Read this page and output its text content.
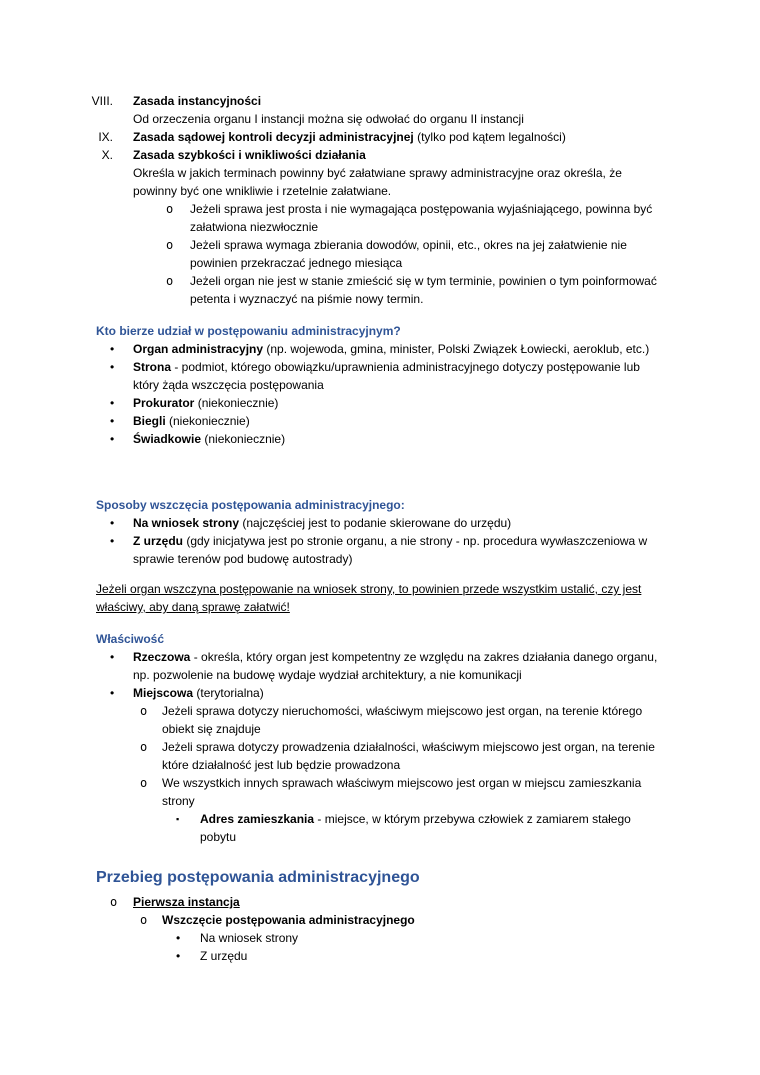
VIII. Zasada instancyjności
Od orzeczenia organu I instancji można się odwołać do organu II instancji
IX. Zasada sądowej kontroli decyzji administracyjnej (tylko pod kątem legalności)
X. Zasada szybkości i wnikliwości działania
Określa w jakich terminach powinny być załatwiane sprawy administracyjne oraz określa, że powinny być one wnikliwie i rzetelnie załatwiane.
o	Jeżeli sprawa jest prosta i nie wymagająca postępowania wyjaśniającego, powinna być załatwiona niezwłocznie
o	Jeżeli sprawa wymaga zbierania dowodów, opinii, etc., okres na jej załatwienie nie powinien przekraczać jednego miesiąca
o	Jeżeli organ nie jest w stanie zmieścić się w tym terminie, powinien o tym poinformować petenta i wyznaczyć na piśmie nowy termin.
Kto bierze udział w postępowaniu administracyjnym?
•	Organ administracyjny (np. wojewoda, gmina, minister, Polski Związek Łowiecki, aeroklub, etc.)
•	Strona - podmiot, którego obowiązku/uprawnienia administracyjnego dotyczy postępowanie lub który żąda wszczęcia postępowania
•	Prokurator (niekoniecznie)
•	Biegli (niekoniecznie)
•	Świadkowie (niekoniecznie)
Sposoby wszczęcia postępowania administracyjnego:
•	Na wniosek strony (najczęściej jest to podanie skierowane do urzędu)
•	Z urzędu (gdy inicjatywa jest po stronie organu, a nie strony - np. procedura wywłaszczeniowa w sprawie terenów pod budowę autostrady)
Jeżeli organ wszczyna postępowanie na wniosek strony, to powinien przede wszystkim ustalić, czy jest właściwy, aby daną sprawę załatwić!
Właściwość
•	Rzeczowa - określa, który organ jest kompetentny ze względu na zakres działania danego organu, np. pozwolenie na budowę wydaje wydział architektury, a nie komunikacji
•	Miejscowa (terytorialna)
o	Jeżeli sprawa dotyczy nieruchomości, właściwym miejscowo jest organ, na terenie którego obiekt się znajduje
o	Jeżeli sprawa dotyczy prowadzenia działalności, właściwym miejscowo jest organ, na terenie które działalność jest lub będzie prowadzona
o	We wszystkich innych sprawach właściwym miejscowo jest organ w miejscu zamieszkania strony
▪	Adres zamieszkania - miejsce, w którym przebywa człowiek z zamiarem stałego pobytu
Przebieg postępowania administracyjnego
o	Pierwsza instancja
o	Wszczęcie postępowania administracyjnego
•	Na wniosek strony
•	Z urzędu
